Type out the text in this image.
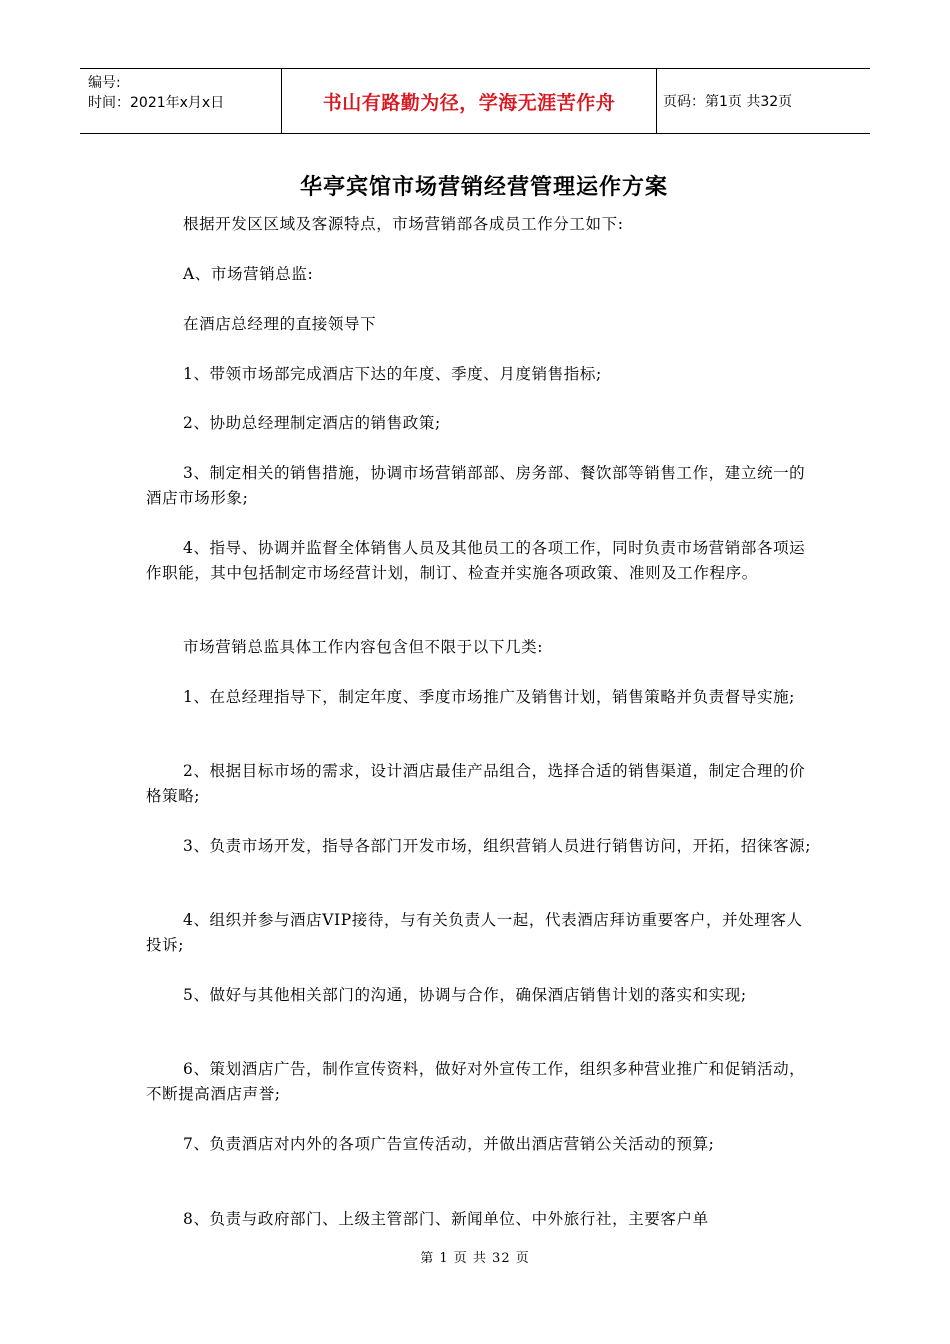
编号:
时间：2021年x月x日	书山有路勤为径，学海无涯苦作舟	页码：第1页 共32页
华亭宾馆市场营销经营管理运作方案
根据开发区区域及客源特点，市场营销部各成员工作分工如下:
A、市场营销总监:
在酒店总经理的直接领导下
1、带领市场部完成酒店下达的年度、季度、月度销售指标;
2、协助总经理制定酒店的销售政策;
3、制定相关的销售措施，协调市场营销部部、房务部、餐饮部等销售工作，建立统一的酒店市场形象;
4、指导、协调并监督全体销售人员及其他员工的各项工作，同时负责市场营销部各项运作职能，其中包括制定市场经营计划，制订、检查并实施各项政策、准则及工作程序。
市场营销总监具体工作内容包含但不限于以下几类:
1、在总经理指导下，制定年度、季度市场推广及销售计划，销售策略并负责督导实施;
2、根据目标市场的需求，设计酒店最佳产品组合，选择合适的销售渠道，制定合理的价格策略;
3、负责市场开发，指导各部门开发市场，组织营销人员进行销售访问，开拓，招徕客源;
4、组织并参与酒店VIP接待，与有关负责人一起，代表酒店拜访重要客户，并处理客人投诉;
5、做好与其他相关部门的沟通，协调与合作，确保酒店销售计划的落实和实现;
6、策划酒店广告，制作宣传资料，做好对外宣传工作，组织多种营业推广和促销活动，不断提高酒店声誉;
7、负责酒店对内外的各项广告宣传活动，并做出酒店营销公关活动的预算;
8、负责与政府部门、上级主管部门、新闻单位、中外旅行社，主要客户单
第 1 页 共 32 页
